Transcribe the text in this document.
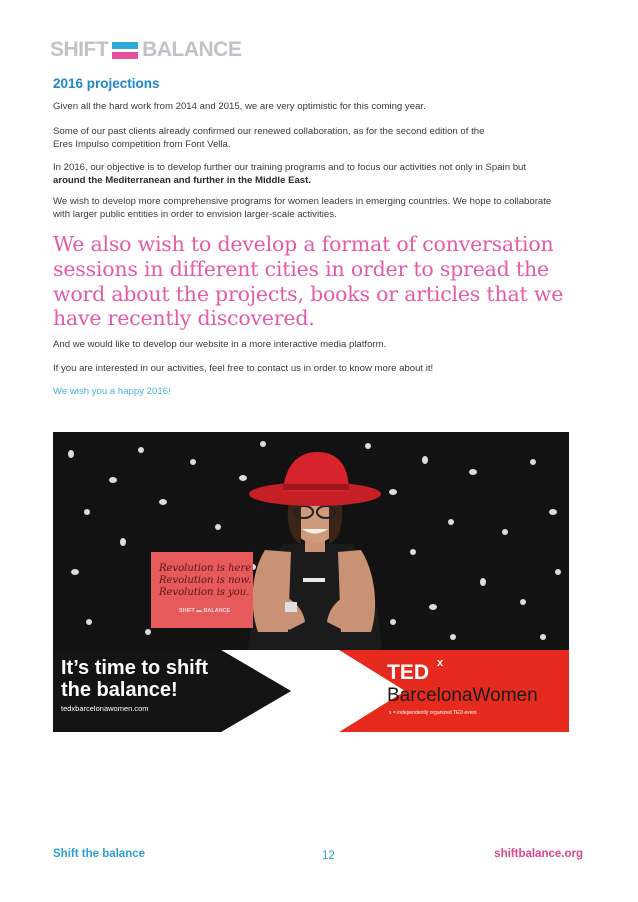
SHIFT BALANCE
2016 projections

Given all the hard work from 2014 and 2015, we are very optimistic for this coming year.

Some of our past clients already confirmed our renewed collaboration, as for the second edition of the Eres Impulso competition from Font Vella.

In 2016, our objective is to develop further our training programs and to focus our activities not only in Spain but around the Mediterranean and further in the Middle East.

We wish to develop more comprehensive programs for women leaders in emerging countries. We hope to collaborate with larger public entities in order to envision larger-scale activities.

We also wish to develop a format of conversation sessions in different cities in order to spread the word about the projects, books or articles that we have recently discovered.

And we would like to develop our website in a more interactive media platform.

If you are interested in our activities, feel free to contact us in order to know more about it!

We wish you a happy 2016!

Revolution is here.
Revolution is now.
Revolution is you.
SHIFT ▬ BALANCE
It’s time to shift
the balance!
tedxbarcelonawomen.com
TED x
BarcelonaWomen
x = independently organized TED event

Shift the balance	12	shiftbalance.org
